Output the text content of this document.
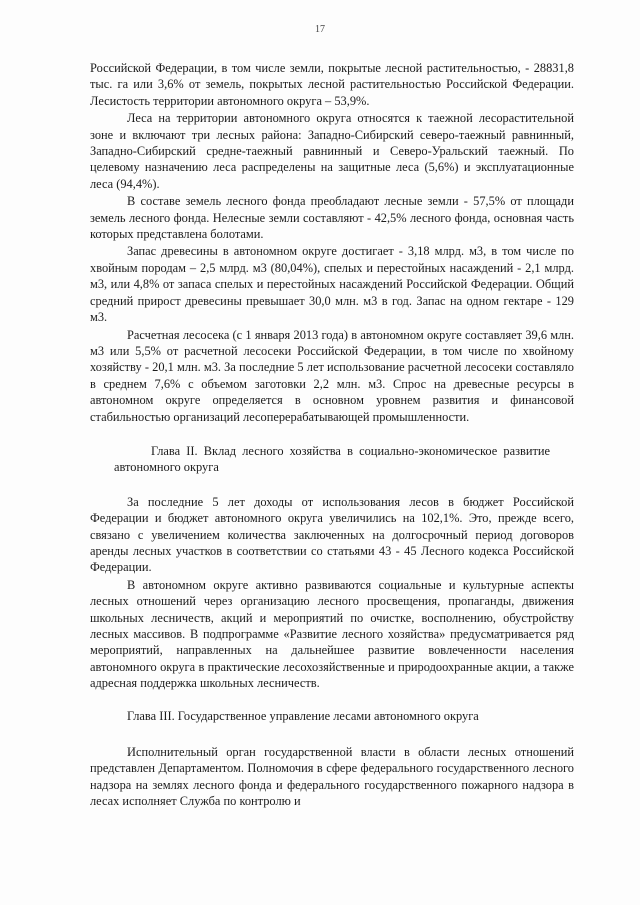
17

Российской Федерации, в том числе земли, покрытые лесной растительностью, - 28831,8 тыс. га или 3,6% от земель, покрытых лесной растительностью Российской Федерации. Лесистость территории автономного округа – 53,9%.

Леса на территории автономного округа относятся к таежной лесорастительной зоне и включают три лесных района: Западно-Сибирский северо-таежный равнинный, Западно-Сибирский средне-таежный равнинный и Северо-Уральский таежный. По целевому назначению леса распределены на защитные леса (5,6%) и эксплуатационные леса (94,4%).

В составе земель лесного фонда преобладают лесные земли - 57,5% от площади земель лесного фонда. Нелесные земли составляют - 42,5% лесного фонда, основная часть которых представлена болотами.

Запас древесины в автономном округе достигает - 3,18 млрд. м3, в том числе по хвойным породам – 2,5 млрд. м3 (80,04%), спелых и перестойных насаждений - 2,1 млрд. м3, или 4,8% от запаса спелых и перестойных насаждений Российской Федерации. Общий средний прирост древесины превышает 30,0 млн. м3 в год. Запас на одном гектаре - 129 м3.

Расчетная лесосека (с 1 января 2013 года) в автономном округе составляет 39,6 млн. м3 или 5,5% от расчетной лесосеки Российской Федерации, в том числе по хвойному хозяйству - 20,1 млн. м3. За последние 5 лет использование расчетной лесосеки составляло в среднем 7,6% с объемом заготовки 2,2 млн. м3. Спрос на древесные ресурсы в автономном округе определяется в основном уровнем развития и финансовой стабильностью организаций лесоперерабатывающей промышленности.

Глава II. Вклад лесного хозяйства в социально-экономическое развитие автономного округа

За последние 5 лет доходы от использования лесов в бюджет Российской Федерации и бюджет автономного округа увеличились на 102,1%. Это, прежде всего, связано с увеличением количества заключенных на долгосрочный период договоров аренды лесных участков в соответствии со статьями 43 - 45 Лесного кодекса Российской Федерации.

В автономном округе активно развиваются социальные и культурные аспекты лесных отношений через организацию лесного просвещения, пропаганды, движения школьных лесничеств, акций и мероприятий по очистке, восполнению, обустройству лесных массивов. В подпрограмме «Развитие лесного хозяйства» предусматривается ряд мероприятий, направленных на дальнейшее развитие вовлеченности населения автономного округа в практические лесохозяйственные и природоохранные акции, а также адресная поддержка школьных лесничеств.

Глава III. Государственное управление лесами автономного округа

Исполнительный орган государственной власти в области лесных отношений представлен Департаментом. Полномочия в сфере федерального государственного лесного надзора на землях лесного фонда и федерального государственного пожарного надзора в лесах исполняет Служба по контролю и
